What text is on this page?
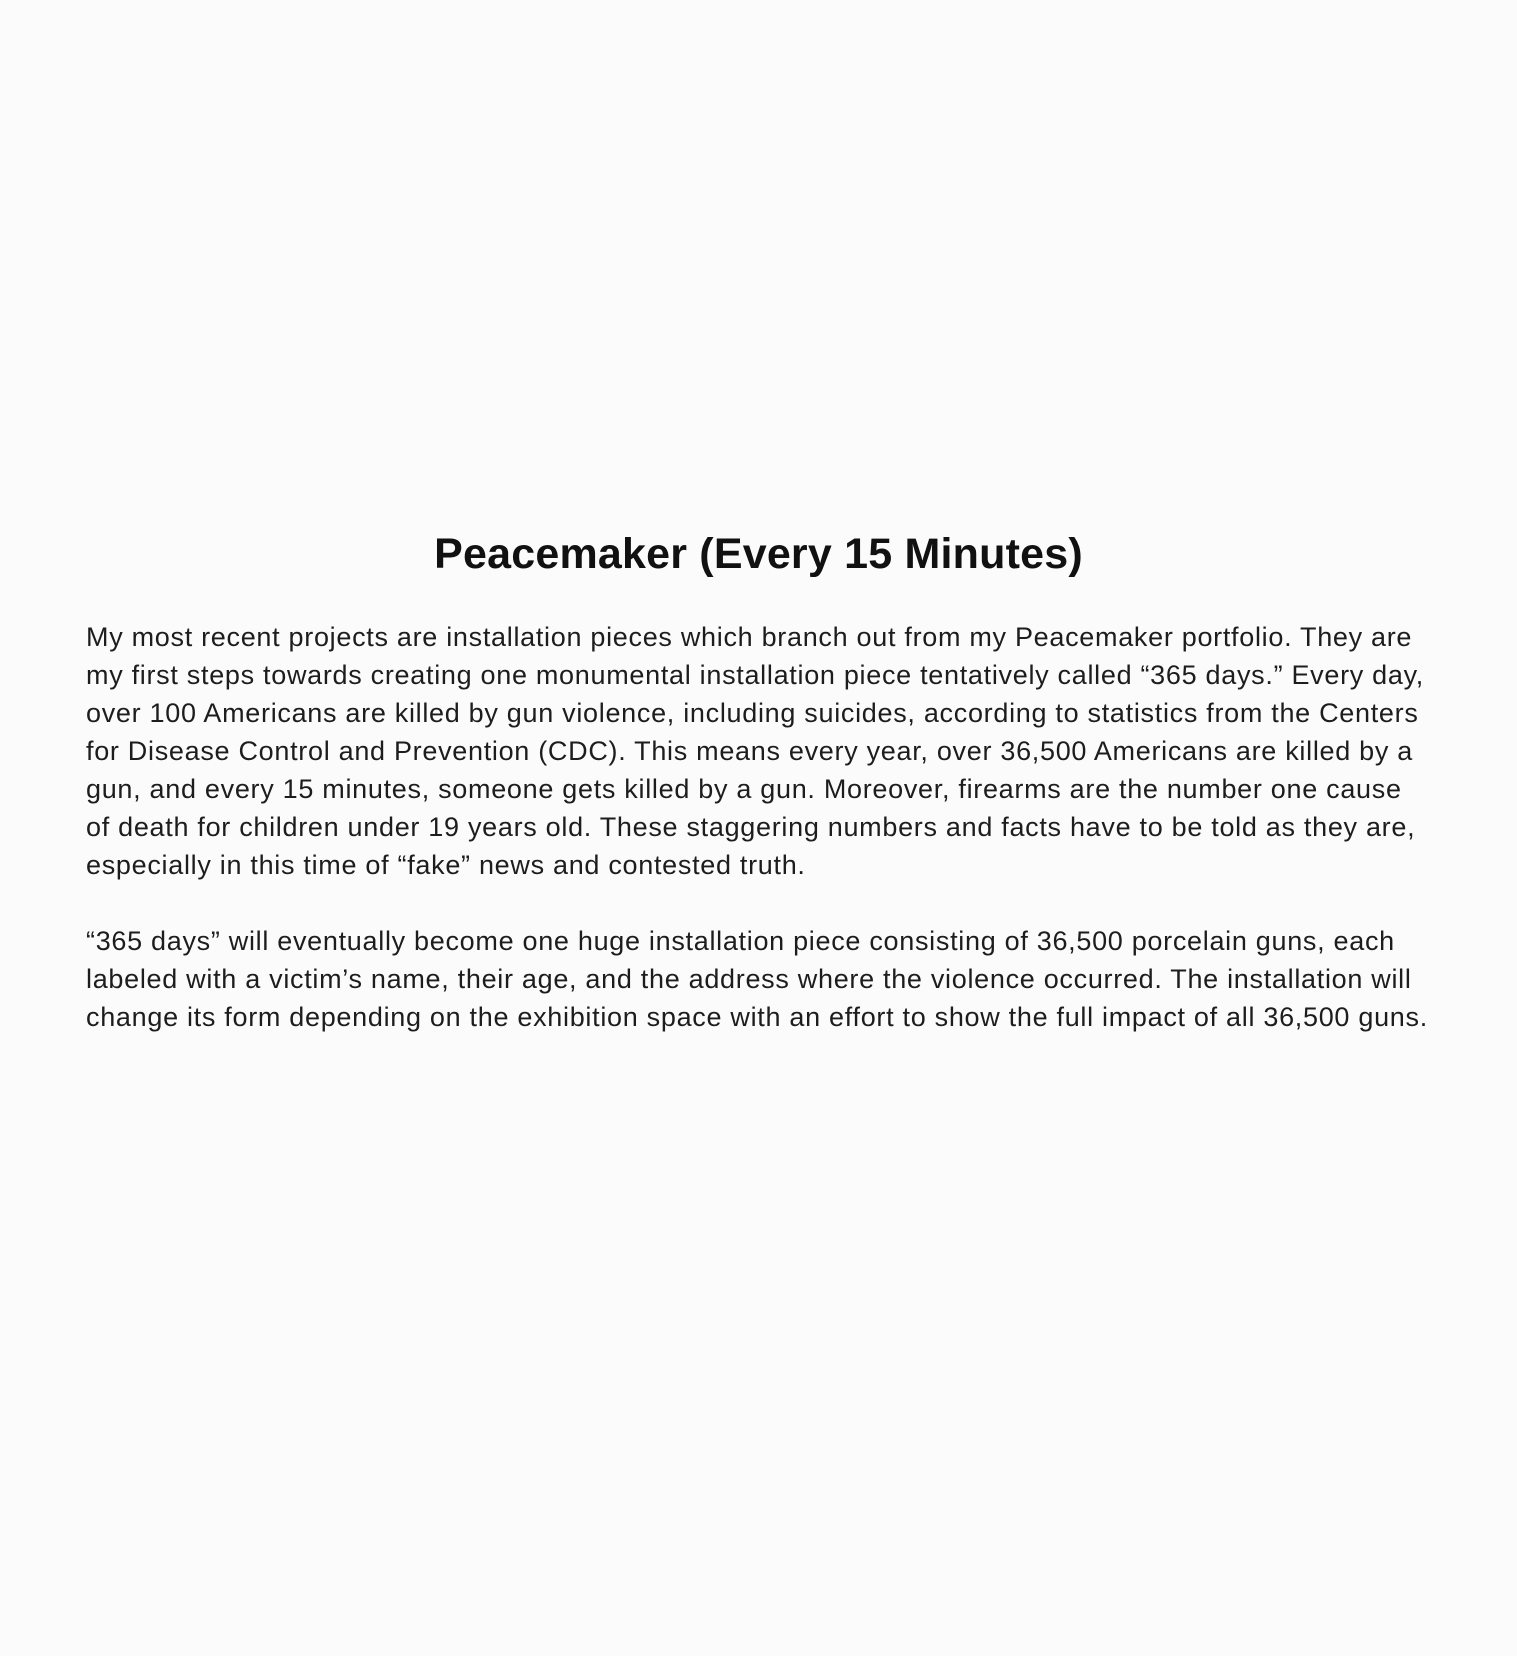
Peacemaker (Every 15 Minutes)

My most recent projects are installation pieces which branch out from my Peacemaker portfolio. They are my first steps towards creating one monumental installation piece tentatively called “365 days.” Every day, over 100 Americans are killed by gun violence, including suicides, according to statistics from the Centers for Disease Control and Prevention (CDC). This means every year, over 36,500 Americans are killed by a gun, and every 15 minutes, someone gets killed by a gun. Moreover, firearms are the number one cause of death for children under 19 years old. These staggering numbers and facts have to be told as they are, especially in this time of “fake” news and contested truth.

“365 days” will eventually become one huge installation piece consisting of 36,500 porcelain guns, each labeled with a victim’s name, their age, and the address where the violence occurred. The installation will change its form depending on the exhibition space with an effort to show the full impact of all 36,500 guns.
